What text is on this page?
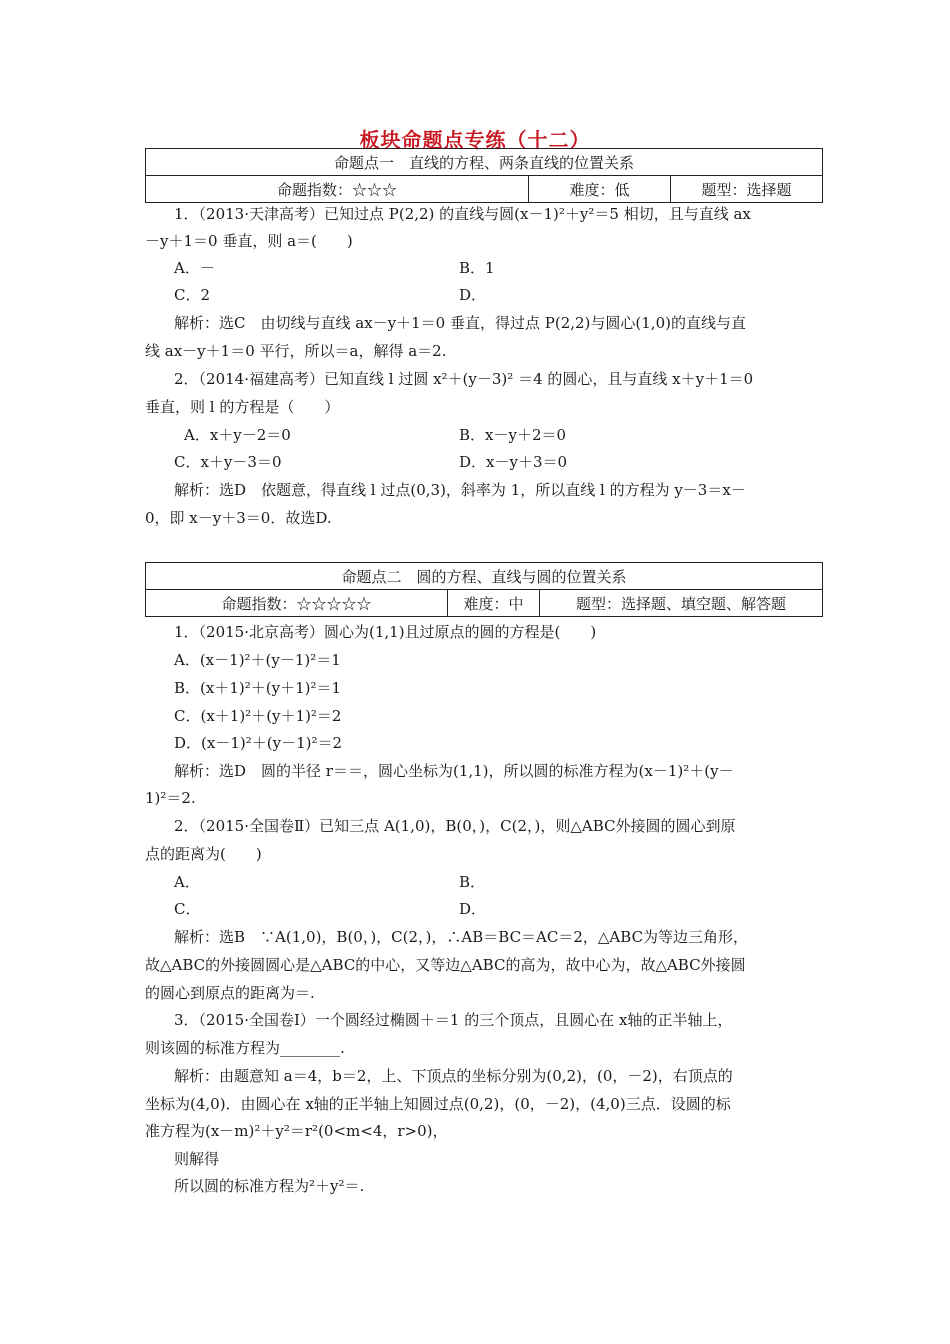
板块命题点专练（十二）
命题点一　直线的方程、两条直线的位置关系
命题指数：☆☆☆	难度：低	题型：选择题
1．（2013·天津高考）已知过点 P(2,2) 的直线与圆(x－1)²＋y²＝5 相切，且与直线 ax
－y＋1＝0 垂直，则 a＝(　　)
A．－	B．1
C．2	D．
解析：选C　由切线与直线 ax－y＋1＝0 垂直，得过点 P(2,2)与圆心(1,0)的直线与直
线 ax－y＋1＝0 平行，所以＝a，解得 a＝2.
2．（2014·福建高考）已知直线 l 过圆 x²＋(y－3)² ＝4 的圆心，且与直线 x＋y＋1＝0
垂直，则 l 的方程是（　　）
A．x＋y－2＝0	B．x－y＋2＝0
C．x＋y－3＝0	D．x－y＋3＝0
解析：选D　依题意，得直线 l 过点(0,3)，斜率为 1，所以直线 l 的方程为 y－3＝x－
0，即 x－y＋3＝0．故选D.
命题点二　圆的方程、直线与圆的位置关系
命题指数：☆☆☆☆☆	难度：中	题型：选择题、填空题、解答题
1．（2015·北京高考）圆心为(1,1)且过原点的圆的方程是(　　)
A．(x－1)²＋(y－1)²＝1
B．(x＋1)²＋(y＋1)²＝1
C．(x＋1)²＋(y＋1)²＝2
D．(x－1)²＋(y－1)²＝2
解析：选D　圆的半径 r＝＝，圆心坐标为(1,1)，所以圆的标准方程为(x－1)²＋(y－
1)²＝2.
2．（2015·全国卷Ⅱ）已知三点 A(1,0)，B(0，)，C(2，)，则△ABC外接圆的圆心到原
点的距离为(　　)
A．	B．
C．	D．
解析：选B　∵A(1,0)，B(0，)，C(2，)，∴AB＝BC＝AC＝2，△ABC为等边三角形，
故△ABC的外接圆圆心是△ABC的中心，又等边△ABC的高为，故中心为，故△ABC外接圆
的圆心到原点的距离为＝.
3．（2015·全国卷Ⅰ）一个圆经过椭圆＋＝1 的三个顶点，且圆心在 x轴的正半轴上，
则该圆的标准方程为________.
解析：由题意知 a＝4，b＝2，上、下顶点的坐标分别为(0,2)，(0，－2)，右顶点的
坐标为(4,0)．由圆心在 x轴的正半轴上知圆过点(0,2)，(0，－2)，(4,0)三点．设圆的标
准方程为(x－m)²＋y²＝r²(0<m<4，r>0)，
则解得
所以圆的标准方程为²＋y²＝.
